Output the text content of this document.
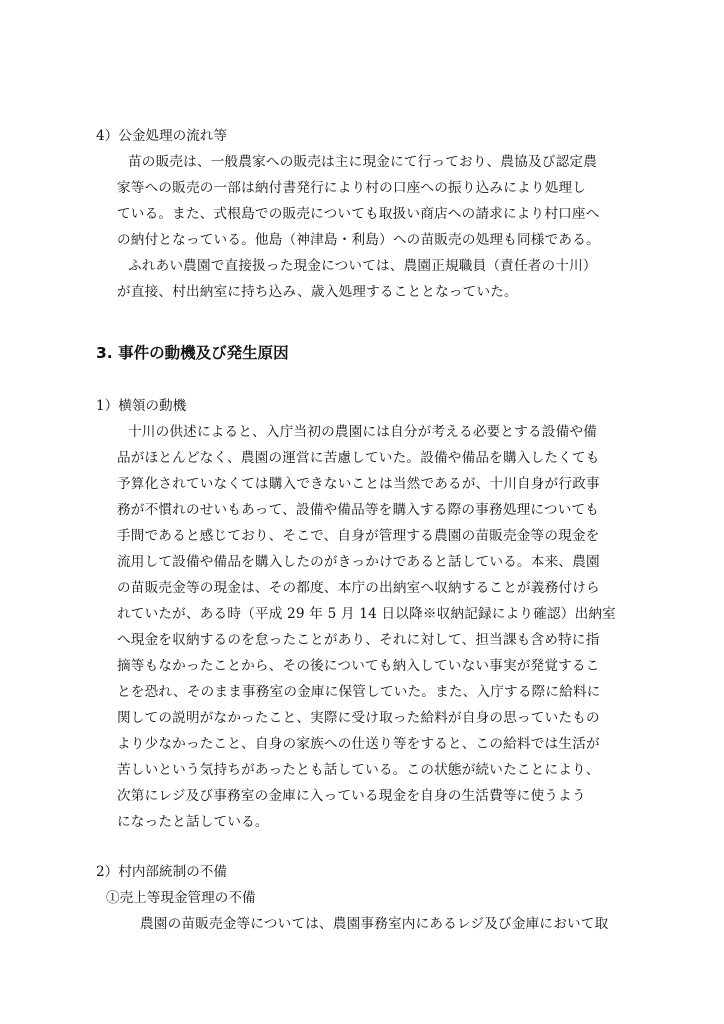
4）公金処理の流れ等
苗の販売は、一般農家への販売は主に現金にて行っており、農協及び認定農
家等への販売の一部は納付書発行により村の口座への振り込みにより処理し
ている。また、式根島での販売についても取扱い商店への請求により村口座へ
の納付となっている。他島（神津島・利島）への苗販売の処理も同様である。
ふれあい農園で直接扱った現金については、農園正規職員（責任者の十川）
が直接、村出納室に持ち込み、歳入処理することとなっていた。
3. 事件の動機及び発生原因
1）横領の動機
十川の供述によると、入庁当初の農園には自分が考える必要とする設備や備
品がほとんどなく、農園の運営に苦慮していた。設備や備品を購入したくても
予算化されていなくては購入できないことは当然であるが、十川自身が行政事
務が不慣れのせいもあって、設備や備品等を購入する際の事務処理についても
手間であると感じており、そこで、自身が管理する農園の苗販売金等の現金を
流用して設備や備品を購入したのがきっかけであると話している。本来、農園
の苗販売金等の現金は、その都度、本庁の出納室へ収納することが義務付けら
れていたが、ある時（平成 29 年 5 月 14 日以降※収納記録により確認）出納室
へ現金を収納するのを怠ったことがあり、それに対して、担当課も含め特に指
摘等もなかったことから、その後についても納入していない事実が発覚するこ
とを恐れ、そのまま事務室の金庫に保管していた。また、入庁する際に給料に
関しての説明がなかったこと、実際に受け取った給料が自身の思っていたもの
より少なかったこと、自身の家族への仕送り等をすると、この給料では生活が
苦しいという気持ちがあったとも話している。この状態が続いたことにより、
次第にレジ及び事務室の金庫に入っている現金を自身の生活費等に使うよう
になったと話している。
2）村内部統制の不備
①売上等現金管理の不備
農園の苗販売金等については、農園事務室内にあるレジ及び金庫において取
